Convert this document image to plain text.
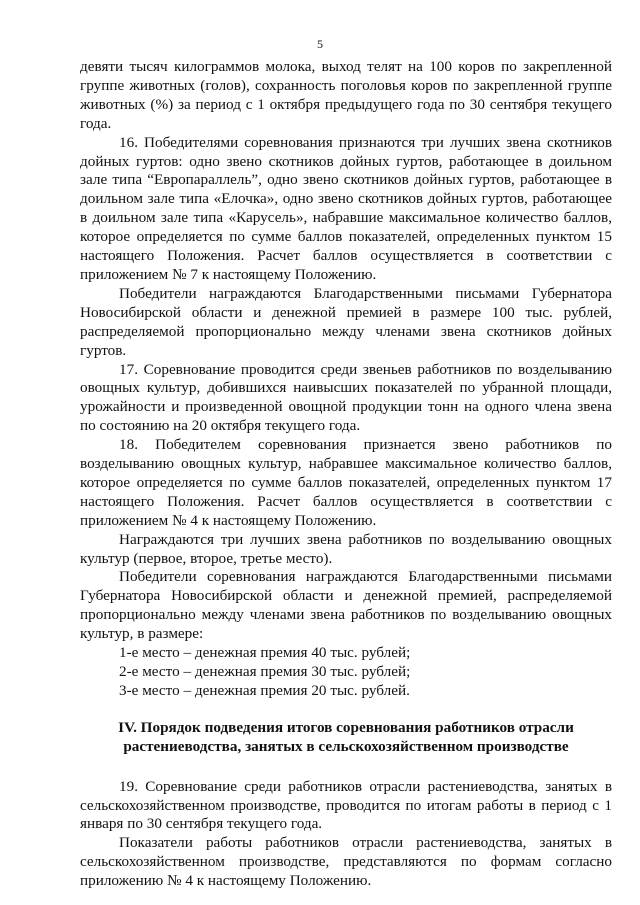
5

девяти тысяч килограммов молока, выход телят на 100 коров по закрепленной группе животных (голов), сохранность поголовья коров по закрепленной группе животных (%) за период с 1 октября предыдущего года по 30 сентября текущего года.

16. Победителями соревнования признаются три лучших звена скотников дойных гуртов: одно звено скотников дойных гуртов, работающее в доильном зале типа “Европараллель”, одно звено скотников дойных гуртов, работающее в доильном зале типа «Елочка», одно звено скотников дойных гуртов, работающее в доильном зале типа «Карусель», набравшие максимальное количество баллов, которое определяется по сумме баллов показателей, определенных пунктом 15 настоящего Положения. Расчет баллов осуществляется в соответствии с приложением № 7 к настоящему Положению.

Победители награждаются Благодарственными письмами Губернатора Новосибирской области и денежной премией в размере 100 тыс. рублей, распределяемой пропорционально между членами звена скотников дойных гуртов.

17. Соревнование проводится среди звеньев работников по возделыванию овощных культур, добившихся наивысших показателей по убранной площади, урожайности и произведенной овощной продукции тонн на одного члена звена по состоянию на 20 октября текущего года.

18. Победителем соревнования признается звено работников по возделыванию овощных культур, набравшее максимальное количество баллов, которое определяется по сумме баллов показателей, определенных пунктом 17 настоящего Положения. Расчет баллов осуществляется в соответствии с приложением № 4 к настоящему Положению.

Награждаются три лучших звена работников по возделыванию овощных культур (первое, второе, третье место).

Победители соревнования награждаются Благодарственными письмами Губернатора Новосибирской области и денежной премией, распределяемой пропорционально между членами звена работников по возделыванию овощных культур, в размере:

1-е место – денежная премия 40 тыс. рублей;

2-е место – денежная премия 30 тыс. рублей;

3-е место – денежная премия 20 тыс. рублей.

IV. Порядок подведения итогов соревнования работников отрасли
растениеводства, занятых в сельскохозяйственном производстве

19. Соревнование среди работников отрасли растениеводства, занятых в сельскохозяйственном производстве, проводится по итогам работы в период с 1 января по 30 сентября текущего года.

Показатели работы работников отрасли растениеводства, занятых в сельскохозяйственном производстве, представляются по формам согласно приложению № 4 к настоящему Положению.
